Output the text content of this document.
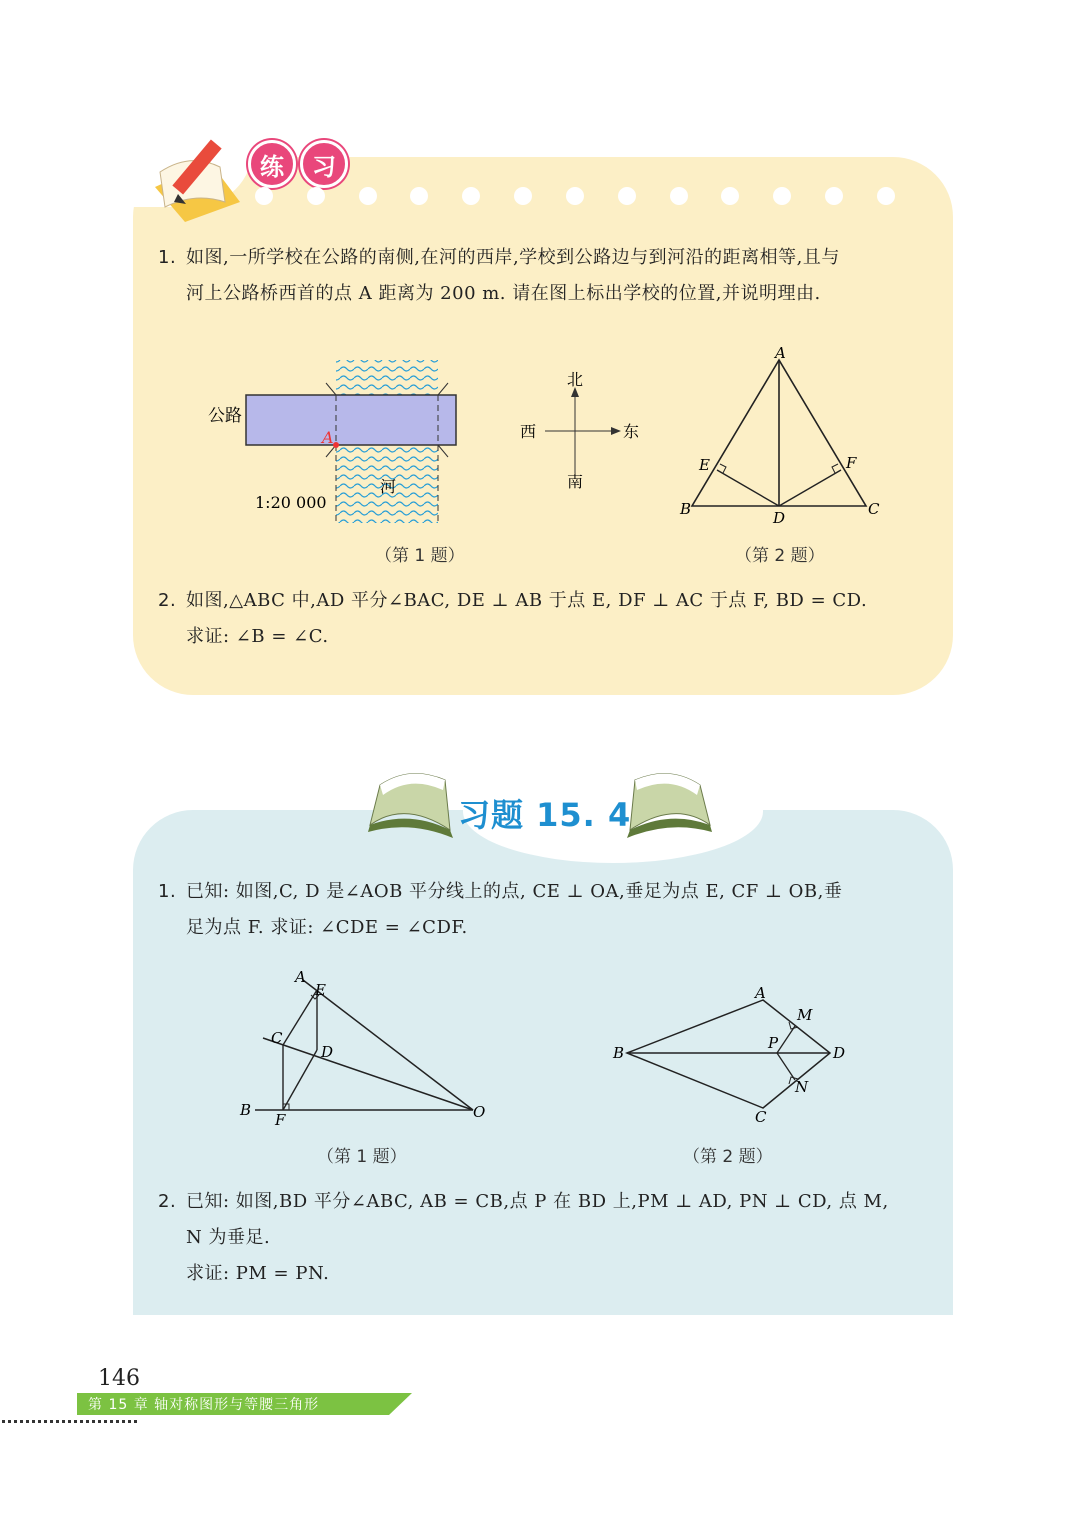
练	习
1. 如图,一所学校在公路的南侧,在河的西岸,学校到公路边与到河沿的距离相等,且与
河上公路桥西首的点 A 距离为 200 m. 请在图上标出学校的位置,并说明理由.
公路
A
河
1:20 000
北
南
西	东
A
B	C
D
E	F
（第 1 题）	（第 2 题）
2. 如图,△ABC 中,AD 平分∠BAC, DE ⊥ AB 于点 E, DF ⊥ AC 于点 F, BD = CD.
求证: ∠B = ∠C.
习题 15. 4
1. 已知: 如图,C, D 是∠AOB 平分线上的点, CE ⊥ OA,垂足为点 E, CF ⊥ OB,垂
足为点 F. 求证: ∠CDE = ∠CDF.
A
E
C
D
B
F	O
A
M
B
P
D
N
C
（第 1 题）	（第 2 题）
2. 已知: 如图,BD 平分∠ABC, AB = CB,点 P 在 BD 上,PM ⊥ AD, PN ⊥ CD, 点 M,
N 为垂足.
求证: PM = PN.
146
第 15 章 轴对称图形与等腰三角形
